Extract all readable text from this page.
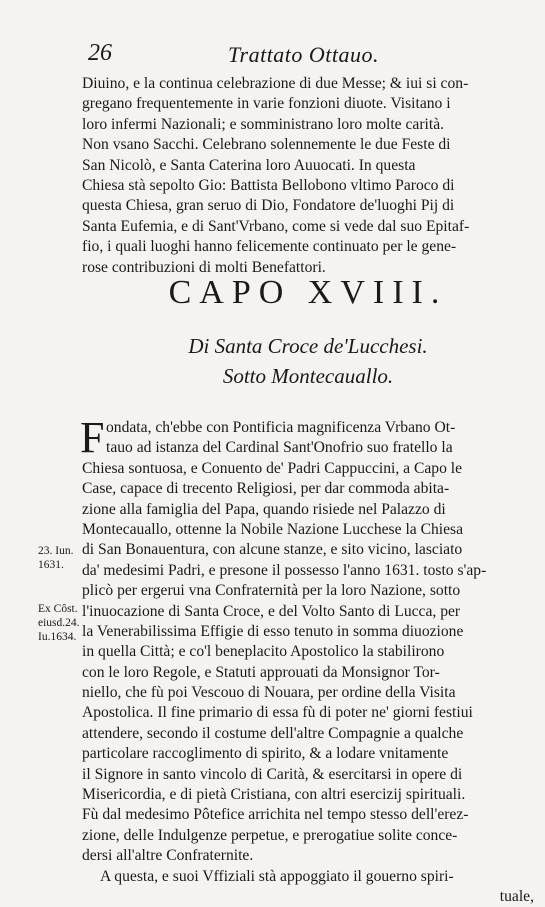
26	Trattato Ottauo.
Diuino, e la continua celebrazione di due Messe; & iui si con-
gregano frequentemente in varie fonzioni diuote. Visitano i
loro infermi Nazionali; e somministrano loro molte carità.
Non vsano Sacchi. Celebrano solennemente le due Feste di
San Nicolò, e Santa Caterina loro Auuocati. In questa
Chiesa stà sepolto Gio: Battista Bellobono vltimo Paroco di
questa Chiesa, gran seruo di Dio, Fondatore de'luoghi Pij di
Santa Eufemia, e di Sant'Vrbano, come si vede dal suo Epitaf-
fio, i quali luoghi hanno felicemente continuato per le gene-
rose contribuzioni di molti Benefattori.
CAPO XVIII.
Di Santa Croce de'Lucchesi.
Sotto Montecauallo.
F ondata, ch'ebbe con Pontificia magnificenza Vrbano Ot-
tauo ad istanza del Cardinal Sant'Onofrio suo fratello la
Chiesa sontuosa, e Conuento de' Padri Cappuccini, a Capo le
Case, capace di trecento Religiosi, per dar commoda abita-
zione alla famiglia del Papa, quando risiede nel Palazzo di
Montecauallo, ottenne la Nobile Nazione Lucchese la Chiesa
di San Bonauentura, con alcune stanze, e sito vicino, lasciato
da' medesimi Padri, e presone il possesso l'anno 1631. tosto s'ap-
plicò per ergerui vna Confraternità per la loro Nazione, sotto
l'inuocazione di Santa Croce, e del Volto Santo di Lucca, per
la Venerabilissima Effigie di esso tenuto in somma diuozione
in quella Città; e co'l beneplacito Apostolico la stabilirono
con le loro Regole, e Statuti approuati da Monsignor Tor-
niello, che fù poi Vescouo di Nouara, per ordine della Visita
Apostolica. Il fine primario di essa fù di poter ne' giorni festiui
attendere, secondo il costume dell'altre Compagnie a qualche
particolare raccoglimento di spirito, & a lodare vnitamente
il Signore in santo vincolo di Carità, & esercitarsi in opere di
Misericordia, e di pietà Cristiana, con altri esercizij spirituali.
Fù dal medesimo Pôtefice arrichita nel tempo stesso dell'erez-
zione, delle Indulgenze perpetue, e prerogatiue solite conce-
dersi all'altre Confraternite.
A questa, e suoi Vffiziali stà appoggiato il gouerno spiri-
tuale,
23. Iun.
1631.
Ex Côst.
eiusd.24.
Iu.1634.
